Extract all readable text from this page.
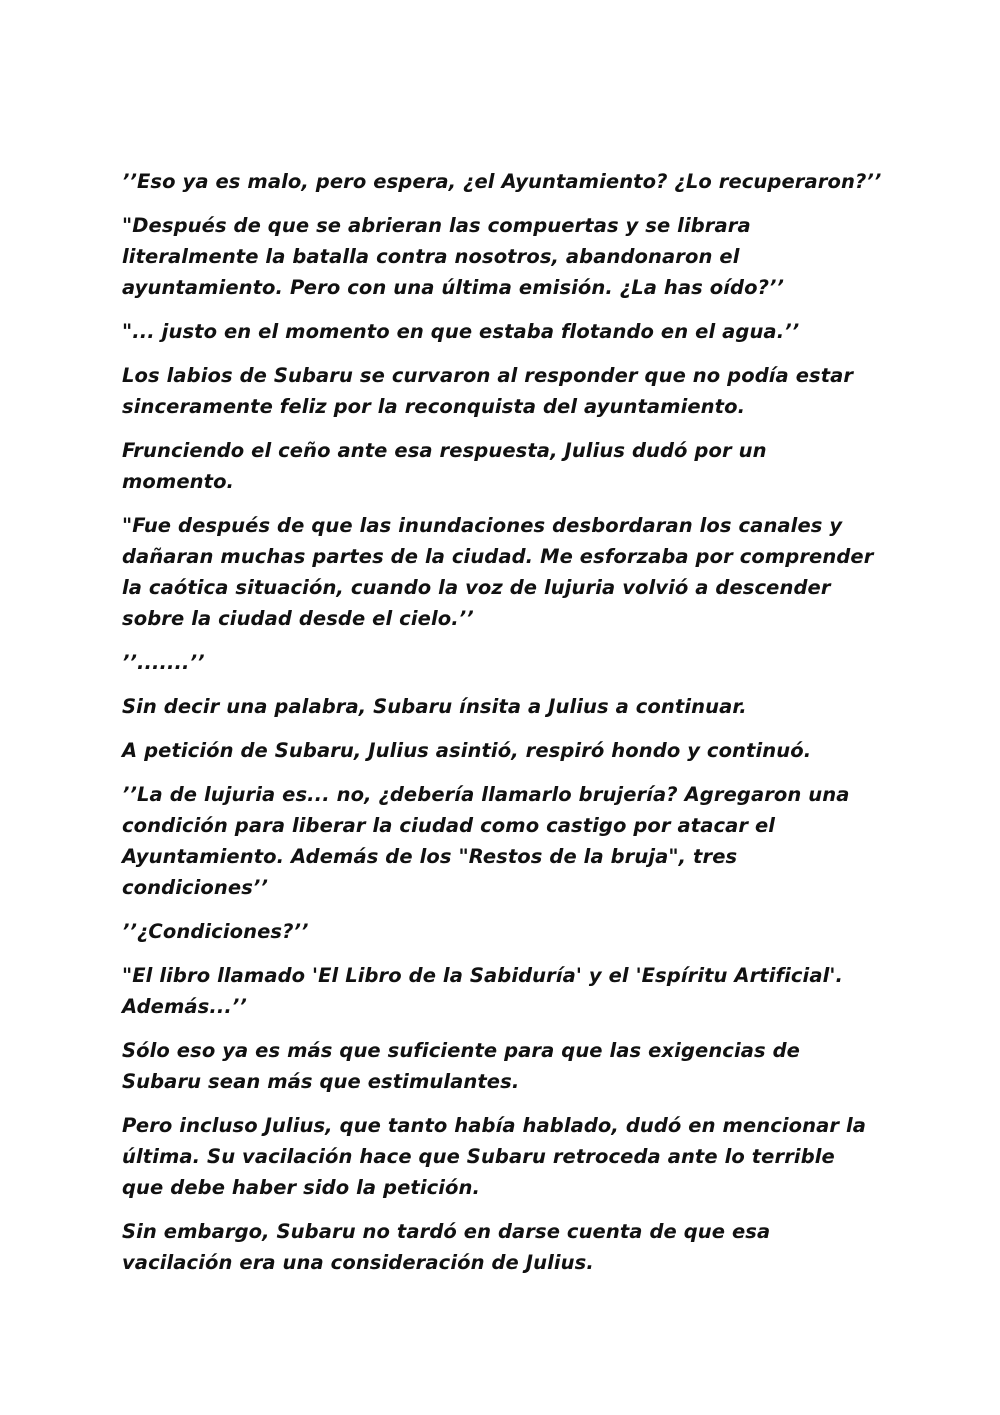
’’Eso ya es malo, pero espera, ¿el Ayuntamiento? ¿Lo recuperaron?’’

"Después de que se abrieran las compuertas y se librara literalmente la batalla contra nosotros, abandonaron el ayuntamiento. Pero con una última emisión. ¿La has oído?’’

"... justo en el momento en que estaba flotando en el agua.’’

Los labios de Subaru se curvaron al responder que no podía estar sinceramente feliz por la reconquista del ayuntamiento.

Frunciendo el ceño ante esa respuesta, Julius dudó por un momento.

"Fue después de que las inundaciones desbordaran los canales y dañaran muchas partes de la ciudad. Me esforzaba por comprender la caótica situación, cuando la voz de lujuria volvió a descender sobre la ciudad desde el cielo.’’

’’.......’’

Sin decir una palabra, Subaru ínsita a Julius a continuar.

A petición de Subaru, Julius asintió, respiró hondo y continuó.

’’La de lujuria es... no, ¿debería llamarlo brujería? Agregaron una condición para liberar la ciudad como castigo por atacar el Ayuntamiento. Además de los "Restos de la bruja", tres condiciones’’

’’¿Condiciones?’’

"El libro llamado 'El Libro de la Sabiduría' y el 'Espíritu Artificial'. Además...’’

Sólo eso ya es más que suficiente para que las exigencias de Subaru sean más que estimulantes.

Pero incluso Julius, que tanto había hablado, dudó en mencionar la última. Su vacilación hace que Subaru retroceda ante lo terrible que debe haber sido la petición.

Sin embargo, Subaru no tardó en darse cuenta de que esa vacilación era una consideración de Julius.
